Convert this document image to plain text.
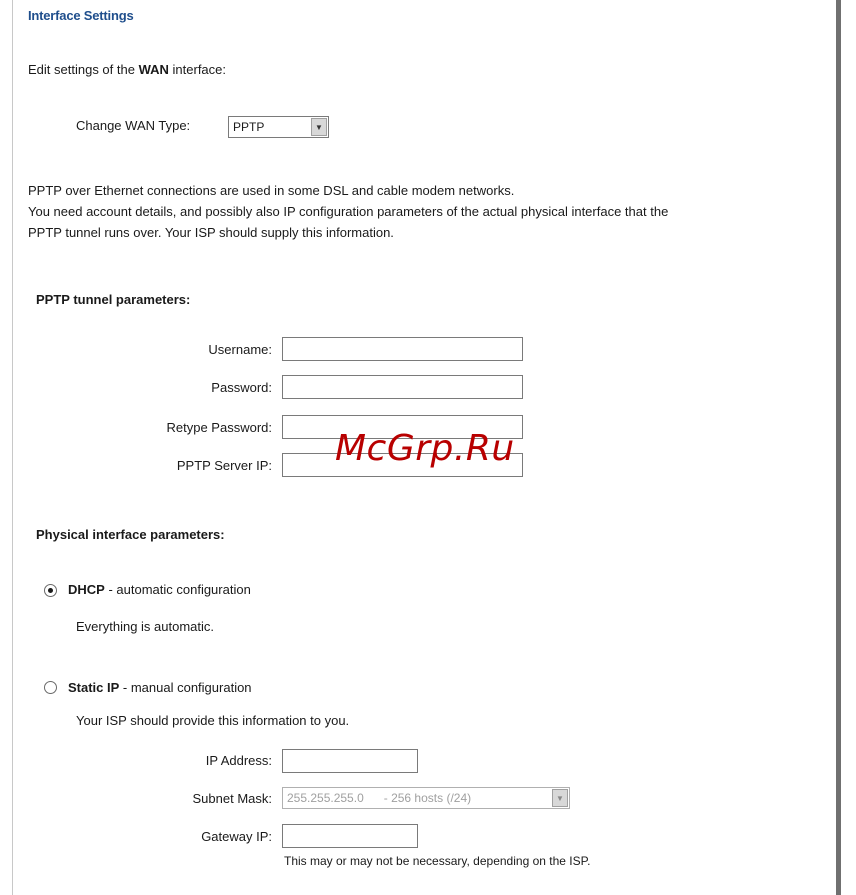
Interface Settings
Edit settings of the WAN interface:
Change WAN Type:	PPTP	▼
PPTP over Ethernet connections are used in some DSL and cable modem networks.
You need account details, and possibly also IP configuration parameters of the actual physical interface that the
PPTP tunnel runs over. Your ISP should supply this information.
PPTP tunnel parameters:
Username:
Password:
Retype Password:
PPTP Server IP: McGrp.Ru
Physical interface parameters:
DHCP - automatic configuration
Everything is automatic.
Static IP - manual configuration
Your ISP should provide this information to you.
IP Address:
Subnet Mask: 255.255.255.0      - 256 hosts (/24)	▼
Gateway IP:
This may or may not be necessary, depending on the ISP.
